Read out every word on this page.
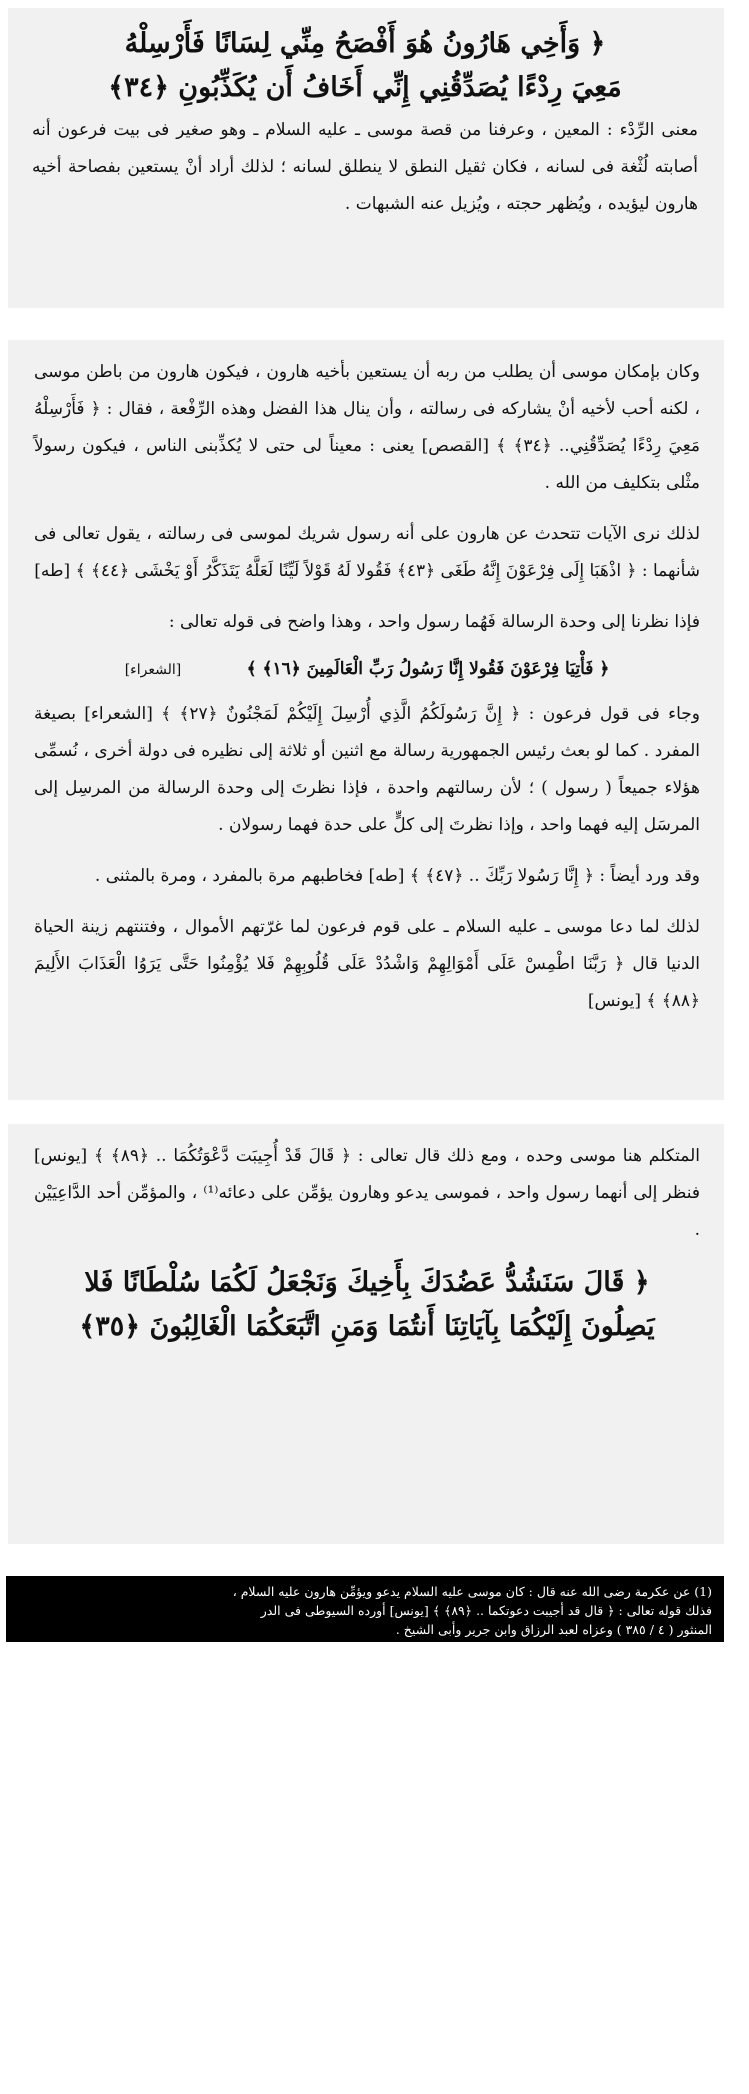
﴿ وَأَخِي هَارُونُ هُوَ أَفْصَحُ مِنِّي لِسَانًا فَأَرْسِلْهُ

مَعِيَ رِدْءًا يُصَدِّقُنِي إِنِّي أَخَافُ أَن يُكَذِّبُونِ ﴿٣٤﴾

معنى الرِّدْء : المعين ، وعرفنا من قصة موسى ـ عليه السلام ـ وهو صغير فى بيت فرعون أنه أصابته لُثْغة فى لسانه ، فكان ثقيل النطق لا ينطلق لسانه ؛ لذلك أراد أنْ يستعين بفصاحة أخيه هارون ليؤيده ، ويُظهر حجته ، ويُزيل عنه الشبهات .

وكان بإمكان موسى أن يطلب من ربه أن يستعين بأخيه هارون ، فيكون هارون من باطن موسى ، لكنه أحب لأخيه أنْ يشاركه فى رسالته ، وأن ينال هذا الفضل وهذه الرِّفْعة ، فقال : ﴿ فَأَرْسِلْهُ مَعِيَ رِدْءًا يُصَدِّقُنِي.. ﴿٣٤﴾ ﴾ [القصص] يعنى : معيناً لى حتى لا يُكذِّبنى الناس ، فيكون رسولاً مثْلى بتكليف من الله .

لذلك نرى الآيات تتحدث عن هارون على أنه رسول شريك لموسى فى رسالته ، يقول تعالى فى شأنهما : ﴿ اذْهَبَا إِلَى فِرْعَوْنَ إِنَّهُ طَغَى ﴿٤٣﴾ فَقُولا لَهُ قَوْلاً لَيِّنًا لَعَلَّهُ يَتَذَكَّرُ أَوْ يَخْشَى ﴿٤٤﴾ ﴾ [طه]

فإذا نظرنا إلى وحدة الرسالة فَهُما رسول واحد ، وهذا واضح فى قوله تعالى :

﴿ فَأْتِيَا فِرْعَوْنَ فَقُولا إِنَّا رَسُولُ رَبِّ الْعَالَمِينَ ﴿١٦﴾ ﴾ [الشعراء]

وجاء فى قول فرعون : ﴿ إِنَّ رَسُولَكُمُ الَّذِي أُرْسِلَ إِلَيْكُمْ لَمَجْنُونٌ ﴿٢٧﴾ ﴾ [الشعراء] بصيغة المفرد . كما لو بعث رئيس الجمهورية رسالة مع اثنين أو ثلاثة إلى نظيره فى دولة أخرى ، نُسمِّى هؤلاء جميعاً ( رسول ) ؛ لأن رسالتهم واحدة ، فإذا نظرتَ إلى وحدة الرسالة من المرسِل إلى المرسَل إليه فهما واحد ، وإذا نظرتَ إلى كلٍّ على حدة فهما رسولان .

وقد ورد أيضاً : ﴿ إِنَّا رَسُولا رَبِّكَ .. ﴿٤٧﴾ ﴾ [طه] فخاطبهم مرة بالمفرد ، ومرة بالمثنى .

لذلك لما دعا موسى ـ عليه السلام ـ على قوم فرعون لما غرّتهم الأموال ، وفتنتهم زينة الحياة الدنيا قال ﴿ رَبَّنَا اطْمِسْ عَلَى أَمْوَالِهِمْ وَاشْدُدْ عَلَى قُلُوبِهِمْ فَلا يُؤْمِنُوا حَتَّى يَرَوُا الْعَذَابَ الأَلِيمَ ﴿٨٨﴾ ﴾ [يونس]

المتكلم هنا موسى وحده ، ومع ذلك قال تعالى : ﴿ قَالَ قَدْ أُجِيبَت دَّعْوَتُكُمَا .. ﴿٨٩﴾ ﴾ [يونس] فنظر إلى أنهما رسول واحد ، فموسى يدعو وهارون يؤمِّن على دعائه⁽¹⁾ ، والمؤمِّن أحد الدَّاعِيَيْن .

﴿ قَالَ سَنَشُدُّ عَضُدَكَ بِأَخِيكَ وَنَجْعَلُ لَكُمَا سُلْطَانًا فَلا

يَصِلُونَ إِلَيْكُمَا بِآيَاتِنَا أَنتُمَا وَمَنِ اتَّبَعَكُمَا الْغَالِبُونَ ﴿٣٥﴾

(1) عن عكرمة رضى الله عنه قال : كان موسى عليه السلام يدعو ويؤمِّن هارون عليه السلام ،

فذلك قوله تعالى : ﴿ قال قد أجيبت دعوتكما .. ﴿٨٩﴾ ﴾ [يونس] أورده السيوطى فى الدر

المنثور ( ٤ / ٣٨٥ ) وعزاه لعبد الرزاق وابن جرير وأبى الشيخ .
